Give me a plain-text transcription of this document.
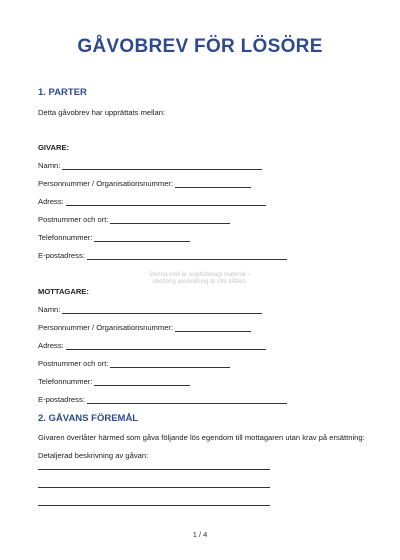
GÅVOBREV FÖR LÖSÖRE
1. PARTER
Detta gåvobrev har upprättats mellan:
GIVARE:
Namn:
Personnummer / Organisationsnummer:
Adress:
Postnummer och ort:
Telefonnummer:
E-postadress:
Denna mall är avgiftsbelagt material –
obehörig användning är inte tillåten.
MOTTAGARE:
Namn:
Personnummer / Organisationsnummer:
Adress:
Postnummer och ort:
Telefonnummer:
E-postadress:
2. GÅVANS FÖREMÅL
Givaren överlåter härmed som gåva följande lös egendom till mottagaren utan krav på ersättning:
Detaljerad beskrivning av gåvan:
1 / 4
